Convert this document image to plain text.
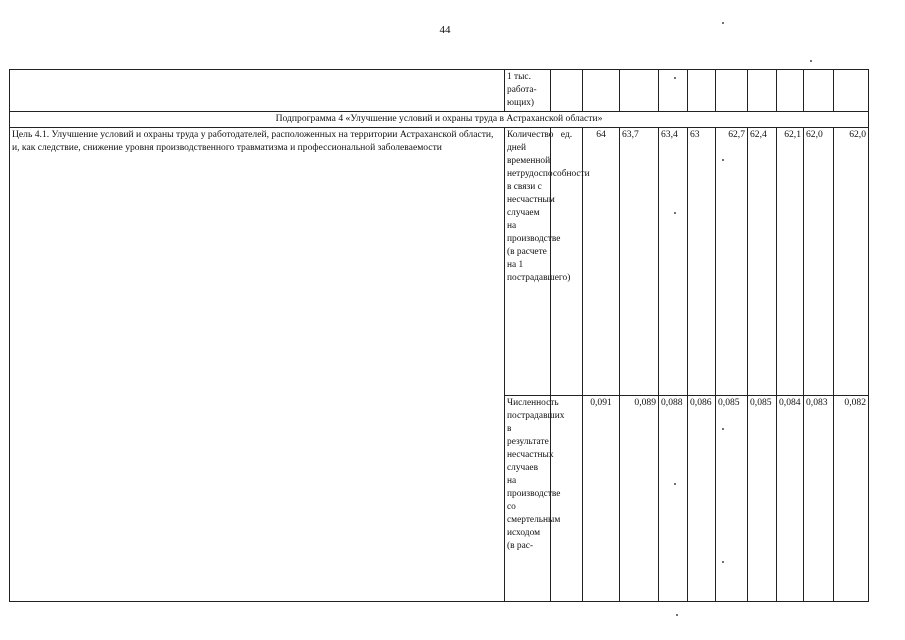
44
	1 тыс. работа-ющих)										
Подпрограмма 4 «Улучшение условий и охраны труда в Астраханской области»											
Цель 4.1. Улучшение условий и охраны труда у работодателей, расположенных на территории Астраханской области, и, как следствие, снижение уровня производственного травматизма и профессиональной заболеваемости	Количество дней временной нетрудоспособности в связи с несчастным случаем на производстве (в расчете на 1 пострадавшего)	ед.	64	63,7	63,4	63	62,7	62,4	62,1	62,0	62,0
	Численность пострадавших в результате несчастных случаев на производстве со смертельным исходом (в рас-		0,091	0,089	0,088	0,086	0,085	0,085	0,084	0,083	0,082
